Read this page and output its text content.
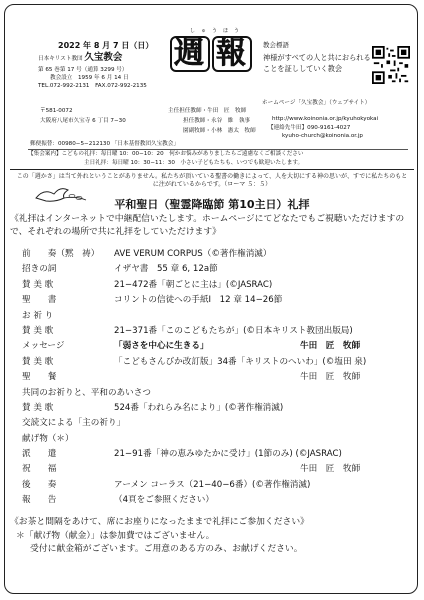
2022 年 8 月 7 日（日）
日本キリスト教団 久宝教会
第 65 巻第 17 号（通算 3299 号）
教会設立　1959 年 6 月 14 日
TEL.072-992-2131　FAX.072-992-2135
しゅうほう
週 報	教会標語
神様がすべての人と共におられることを証ししていく教会
主任担任教師・牛田　匠　牧師
担任教師・永谷　維　執事
園副牧師・小林　憲太　牧師
〒581-0072
大阪府八尾市久宝寺 6 丁目 7−30
ホームページ「久宝教会」（ウェブサイト）
http://www.koinonia.or.jp/kyuhokyokai
【連絡先牛田】090-9161-4027
kyuho-church@koinonia.or.jp
郵便振替：00980−5−212130 「日本基督教団久宝教会」
【集会案内】こどもの礼拝：毎日曜 10：00−10：20　何かお悩みがありましたらご遠慮なくご相談ください
主日礼拝：毎日曜 10：30−11：30　小さい子どもたちも、いつでも歓迎いたします。
この「週かさ」は当て外れということがありません。私たちが頂いている聖書の働きによって、人を大切にする神の思いが、すでに私たちのもとに注がれているからです。（ローマ ５：５）
平和聖日（聖霊降臨節 第10主日）礼拝
《礼拝はインターネットで中継配信いたします。ホームページにてどなたでもご視聴いただけますので、それぞれの場所で共に礼拝をしていただけます》
前　　奏（黙　祷） AVE VERUM CORPUS（©著作権消滅）
招きの詞	イザヤ書　55 章 6, 12a節
賛 美 歌	21−472番「朝ごとに主は」(©JASRAC)
聖　　書	コリントの信徒への手紙Ⅰ　12 章 14−26節
お 祈 り
賛 美 歌	21−371番「このこどもたちが」(©日本キリスト教団出版局)
メッセージ	「弱さを中心に生きる」	牛田　匠　牧師
賛 美 歌	「こどもさんびか改訂版」34番「キリストのへいわ」(©塩田 泉)
聖　　餐	牛田　匠　牧師
共同のお祈りと、平和のあいさつ
賛 美 歌	524番「われらみ名により」(©著作権消滅)
交読文による「主の祈り」
献げ物（＊）
派　　遣	21−91番「神の恵みゆたかに受け」(1節のみ) (©JASRAC)
祝　　福	牛田　匠　牧師
後　　奏	アーメン コーラス（21−40−6番）(©著作権消滅)
報　　告	（4頁をご参照ください）
《お茶と間隔をあけて、席にお座りになったままで礼拝にご参加ください》
＊「献げ物（献金）」は参加費ではございません。
受付に献金箱がございます。ご用意のある方のみ、お献げください。
